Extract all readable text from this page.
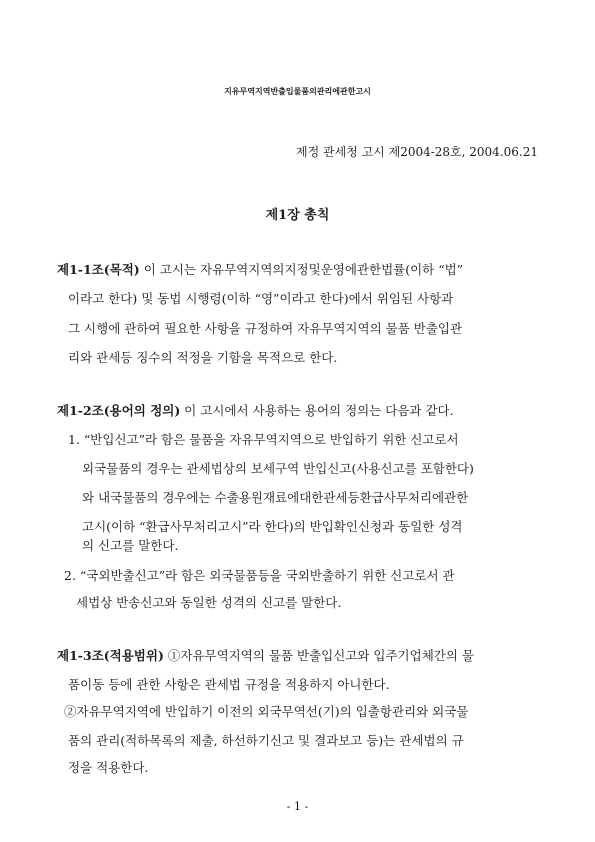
지유무역지역반출입물품의관리에관한고시
제정 관세청 고시 제2004-28호, 2004.06.21
제1장 총칙
제1-1조(목적) 이 고시는 자유무역지역의지정및운영에관한법률(이하 “법”
이라고 한다) 및 동법 시행령(이하 “영”이라고 한다)에서 위임된 사항과
그 시행에 관하여 필요한 사항을 규정하여 자유무역지역의 물품 반출입관
리와 관세등 징수의 적정을 기함을 목적으로 한다.
제1-2조(용어의 정의) 이 고시에서 사용하는 용어의 정의는 다음과 같다.
1. “반입신고”라 함은 물품을 자유무역지역으로 반입하기 위한 신고로서
외국물품의 경우는 관세법상의 보세구역 반입신고(사용신고를 포함한다)
와 내국물품의 경우에는 수출용원재료에대한관세등환급사무처리에관한
고시(이하 “환급사무처리고시”라 한다)의 반입확인신청과 동일한 성격
의 신고를 말한다.
2. “국외반출신고”라 함은 외국물품등을 국외반출하기 위한 신고로서 관
세법상 반송신고와 동일한 성격의 신고를 말한다.
제1-3조(적용범위) ①자유무역지역의 물품 반출입신고와 입주기업체간의 물
품이동 등에 관한 사항은 관세법 규정을 적용하지 아니한다.
②자유무역지역에 반입하기 이전의 외국무역선(기)의 입출항관리와 외국물
품의 관리(적하목록의 제출, 하선하기신고 및 결과보고 등)는 관세법의 규
정을 적용한다.
- 1 -
